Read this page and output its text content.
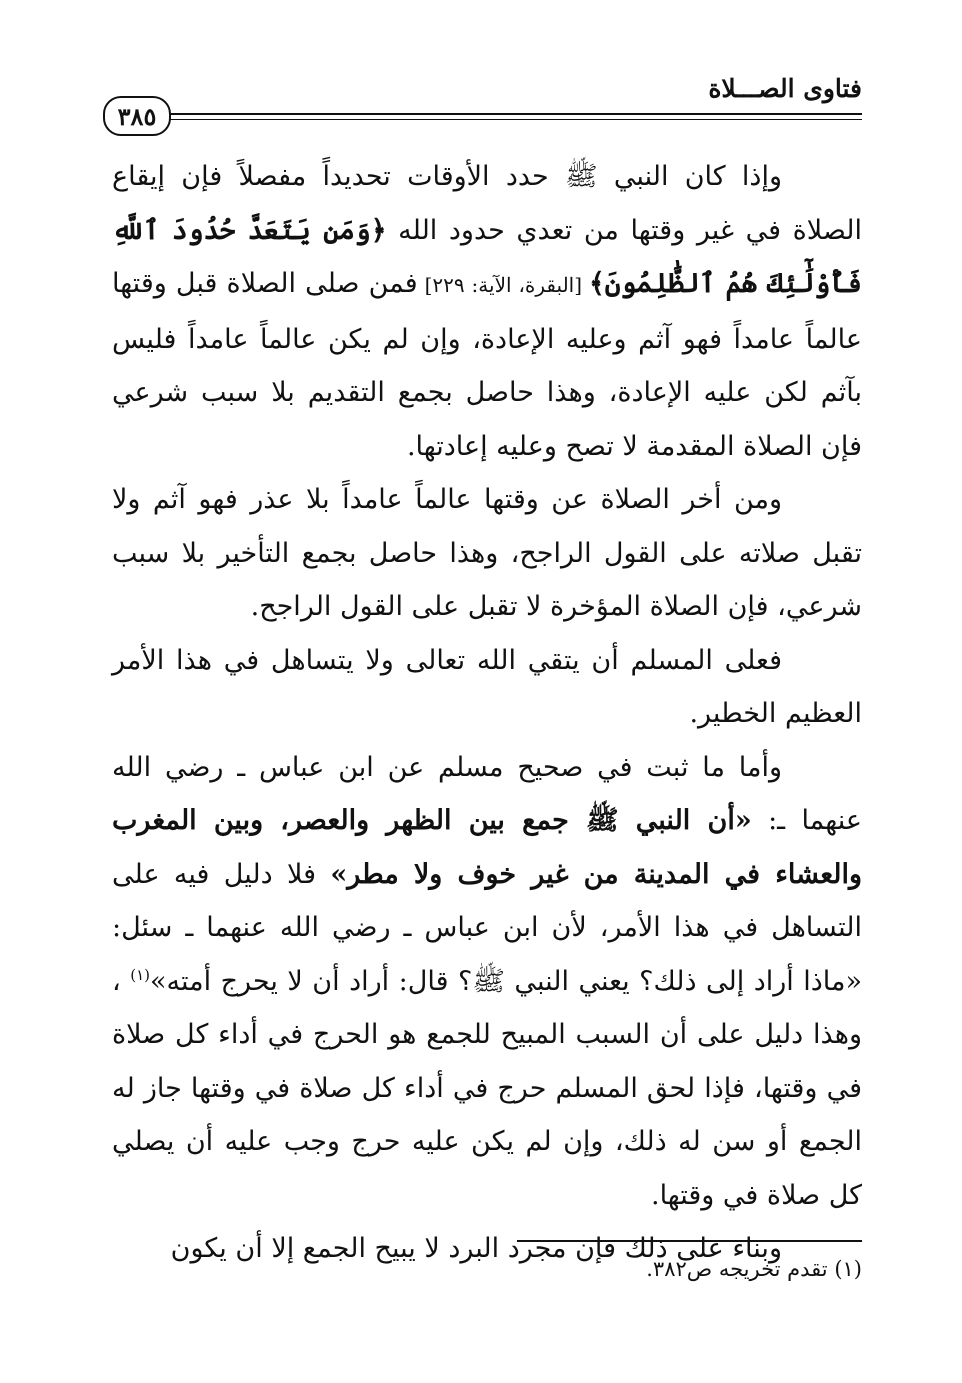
فتاوى الصـــلاة
٣٨٥

وإذا كان النبي ﷺ حدد الأوقات تحديداً مفصلاً فإن إيقاع الصلاة في غير وقتها من تعدي حدود الله ﴿وَمَن يَتَعَدَّ حُدُودَ ٱللَّهِ فَأُوْلَٰٓئِكَ هُمُ ٱلظَّٰلِمُونَ﴾ [البقرة، الآية: ٢٢٩] فمن صلى الصلاة قبل وقتها عالماً عامداً فهو آثم وعليه الإعادة، وإن لم يكن عالماً عامداً فليس بآثم لكن عليه الإعادة، وهذا حاصل بجمع التقديم بلا سبب شرعي فإن الصلاة المقدمة لا تصح وعليه إعادتها.

ومن أخر الصلاة عن وقتها عالماً عامداً بلا عذر فهو آثم ولا تقبل صلاته على القول الراجح، وهذا حاصل بجمع التأخير بلا سبب شرعي، فإن الصلاة المؤخرة لا تقبل على القول الراجح.

فعلى المسلم أن يتقي الله تعالى ولا يتساهل في هذا الأمر العظيم الخطير.

وأما ما ثبت في صحيح مسلم عن ابن عباس ـ رضي الله عنهما ـ: «أن النبي ﷺ جمع بين الظهر والعصر، وبين المغرب والعشاء في المدينة من غير خوف ولا مطر» فلا دليل فيه على التساهل في هذا الأمر، لأن ابن عباس ـ رضي الله عنهما ـ سئل: «ماذا أراد إلى ذلك؟ يعني النبي ﷺ؟ قال: أراد أن لا يحرج أمته»$^{(١)}$ ، وهذا دليل على أن السبب المبيح للجمع هو الحرج في أداء كل صلاة في وقتها، فإذا لحق المسلم حرج في أداء كل صلاة في وقتها جاز له الجمع أو سن له ذلك، وإن لم يكن عليه حرج وجب عليه أن يصلي كل صلاة في وقتها.

وبناء على ذلك فإن مجرد البرد لا يبيح الجمع إلا أن يكون

(١) تقدم تخريجه ص٣٨٢.
